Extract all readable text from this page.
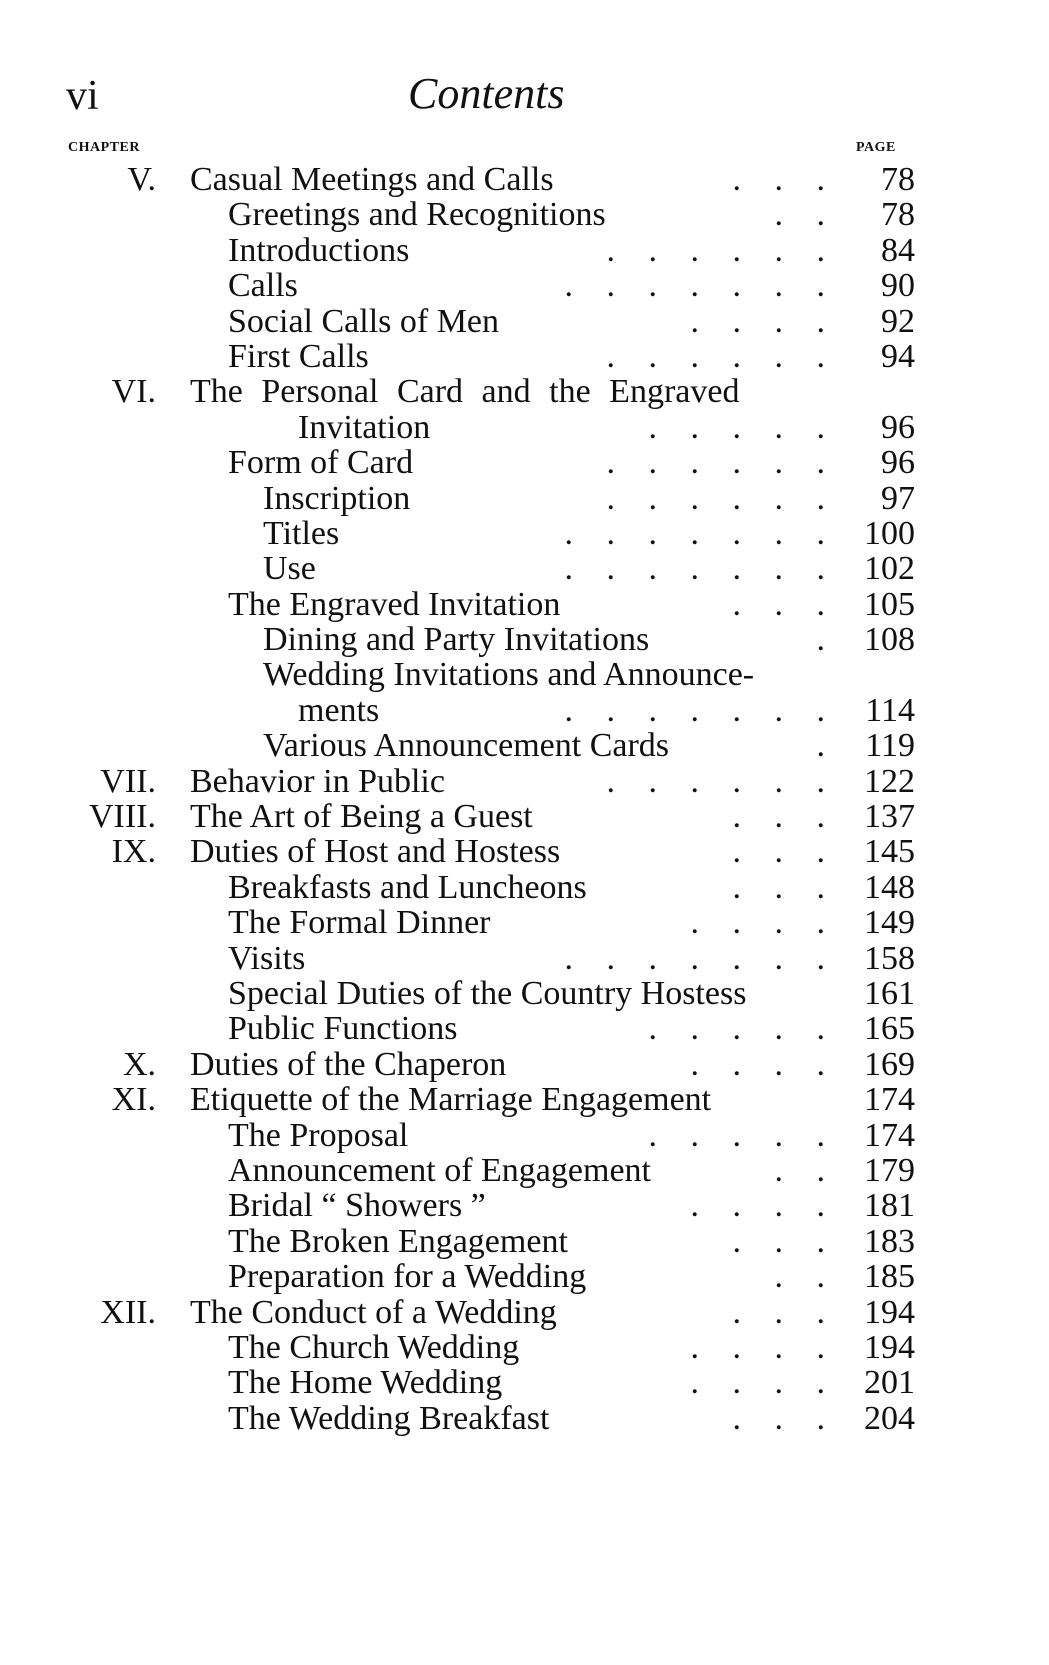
vi	Contents
CHAPTER	PAGE
V. Casual Meetings and Calls	.   .   . 78
Greetings and Recognitions	.   . 78
Introductions	.   .   .   .   .   . 84
Calls	.   .   .   .   .   .   . 90
Social Calls of Men	.   .   .   . 92
First Calls	.   .   .   .   .   . 94
VI. The Personal Card and the Engraved
Invitation	.   .   .   .   . 96
Form of Card	.   .   .   .   .   . 96
Inscription	.   .   .   .   .   . 97
Titles	.   .   .   .   .   .   . 100
Use	.   .   .   .   .   .   . 102
The Engraved Invitation	.   .   . 105
Dining and Party Invitations	. 108
Wedding Invitations and Announce-
ments	.   .   .   .   .   .   . 114
Various Announcement Cards	. 119
VII. Behavior in Public	.   .   .   .   .   . 122
VIII. The Art of Being a Guest	.   .   . 137
IX. Duties of Host and Hostess	.   .   . 145
Breakfasts and Luncheons	.   .   . 148
The Formal Dinner	.   .   .   . 149
Visits	.   .   .   .   .   .   . 158
Special Duties of the Country Hostess	161
Public Functions	.   .   .   .   . 165
X. Duties of the Chaperon	.   .   .   . 169
XI. Etiquette of the Marriage Engagement	174
The Proposal	.   .   .   .   . 174
Announcement of Engagement	.   . 179
Bridal “ Showers ”	.   .   .   . 181
The Broken Engagement	.   .   . 183
Preparation for a Wedding	.   . 185
XII. The Conduct of a Wedding	.   .   . 194
The Church Wedding	.   .   .   . 194
The Home Wedding	.   .   .   . 201
The Wedding Breakfast	.   .   . 204
